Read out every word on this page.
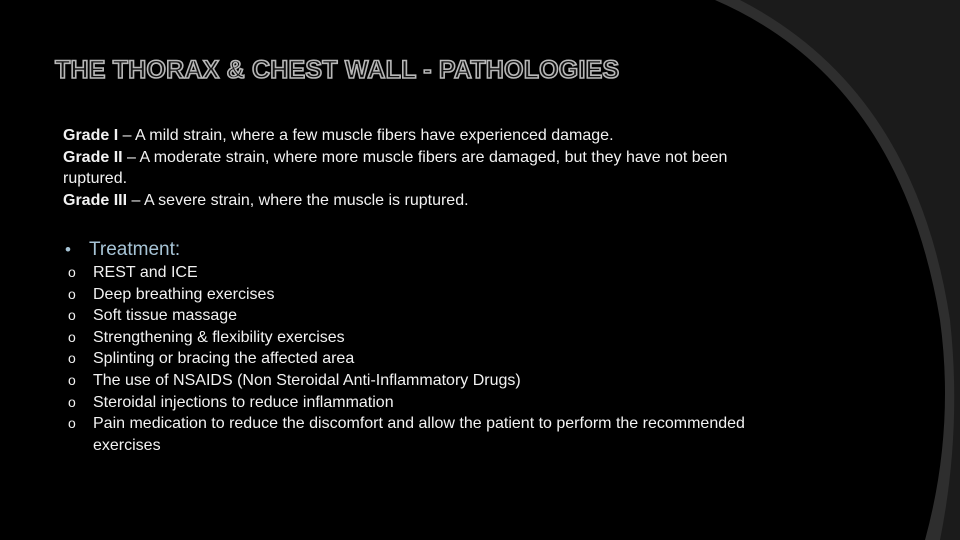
THE THORAX & CHEST WALL - PATHOLOGIES

Grade I – A mild strain, where a few muscle fibers have experienced damage.

Grade II – A moderate strain, where more muscle fibers are damaged, but they have not been ruptured.

Grade III – A severe strain, where the muscle is ruptured.

• Treatment:
o	REST and ICE
o	Deep breathing exercises
o	Soft tissue massage
o	Strengthening & flexibility exercises
o	Splinting or bracing the affected area
o	The use of NSAIDS (Non Steroidal Anti-Inflammatory Drugs)
o	Steroidal injections to reduce inflammation
o	Pain medication to reduce the discomfort and allow the patient to perform the recommended exercises
